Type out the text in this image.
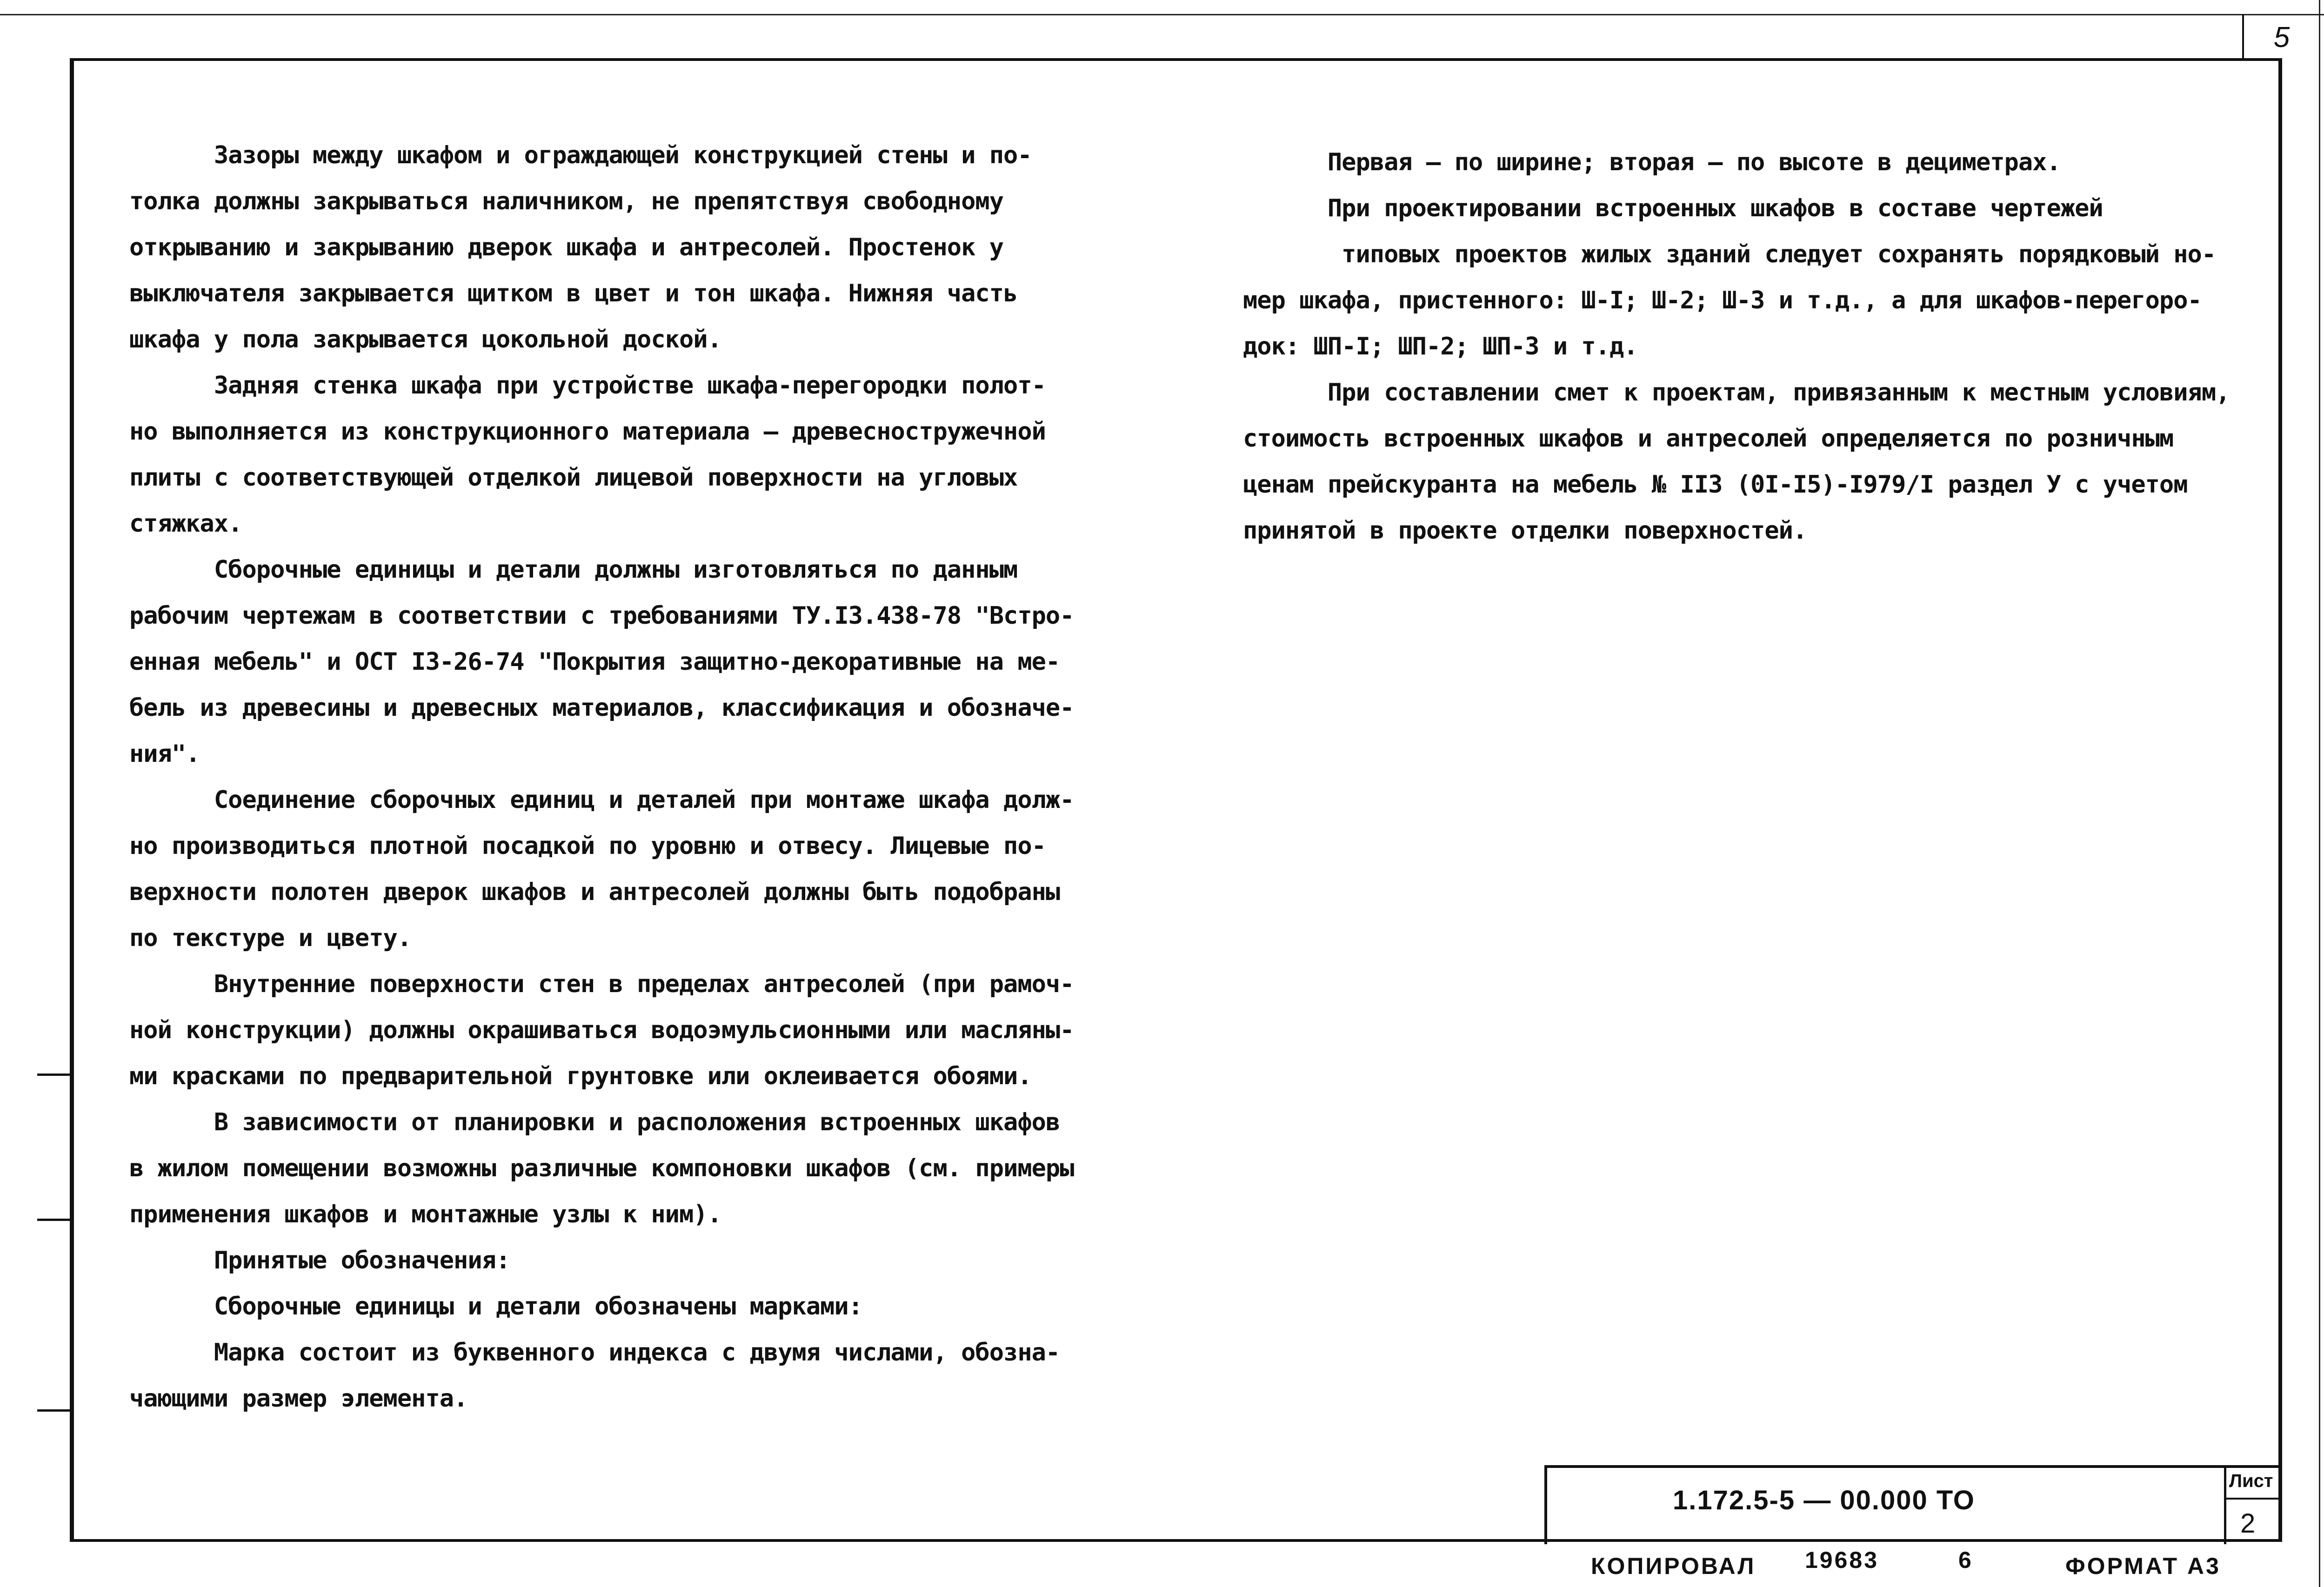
5

Зазоры между шкафом и ограждающей конструкцией стены и по-

толка должны закрываться наличником, не препятствуя свободному

открыванию и закрыванию дверок шкафа и антресолей. Простенок у

выключателя закрывается щитком в цвет и тон шкафа. Нижняя часть

шкафа у пола закрывается цокольной доской.

Задняя стенка шкафа при устройстве шкафа-перегородки полот-

но выполняется из конструкционного материала – древесностружечной

плиты с соответствующей отделкой лицевой поверхности на угловых

стяжках.

Сборочные единицы и детали должны изготовляться по данным

рабочим чертежам в соответствии с требованиями ТУ.I3.438-78 "Встро-

енная мебель" и ОСТ I3-26-74 "Покрытия защитно-декоративные на ме-

бель из древесины и древесных материалов, классификация и обозначе-

ния".

Соединение сборочных единиц и деталей при монтаже шкафа долж-

но производиться плотной посадкой по уровню и отвесу. Лицевые по-

верхности полотен дверок шкафов и антресолей должны быть подобраны

по текстуре и цвету.

Внутренние поверхности стен в пределах антресолей (при рамоч-

ной конструкции) должны окрашиваться водоэмульсионными или масляны-

ми красками по предварительной грунтовке или оклеивается обоями.

В зависимости от планировки и расположения встроенных шкафов

в жилом помещении возможны различные компоновки шкафов (см. примеры

применения шкафов и монтажные узлы к ним).

Принятые обозначения:

Сборочные единицы и детали обозначены марками:

Марка состоит из буквенного индекса с двумя числами, обозна-

чающими размер элемента.

Первая – по ширине; вторая – по высоте в дециметрах.

При проектировании встроенных шкафов в составе чертежей

типовых проектов жилых зданий следует сохранять порядковый но-

мер шкафа, пристенного: Ш-I; Ш-2; Ш-3 и т.д., а для шкафов-перегоро-

док: ШП-I; ШП-2; ШП-3 и т.д.

При составлении смет к проектам, привязанным к местным условиям,

стоимость встроенных шкафов и антресолей определяется по розничным

ценам прейскуранта на мебель № II3 (0I-I5)-I979/I раздел У с учетом

принятой в проекте отделки поверхностей.

1.172.5-5 — 00.000 ТО
Лист
2
КОПИРОВАЛ 19683	6	ФОРМАТ А3
